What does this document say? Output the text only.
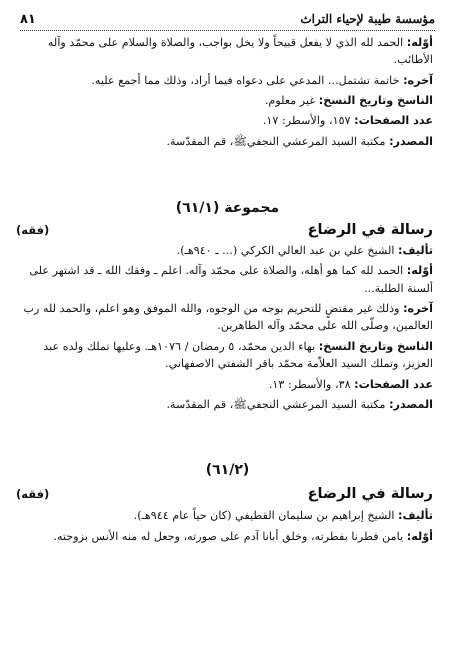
مؤسسة طيبة لإحياء التراث
٨١

أوّله: الحمد لله الذي لا يفعل قبيحاً ولا يخل بواجب، والصلاة والسلام على محمّد وآله الأطائب.

آخره: خاتمة تشتمل... المدعي على دعواه فيما أراد، وذلك مما أجمع عليه.

الناسخ وتاريخ النسخ: غير معلوم.

عدد الصفحات: ١٥٧، والأسطر: ١٧.

المصدر: مكتبة السيد المرعشي النجفيﷺ، قم المقدّسة.

مجموعة (٦١/١)
رسالة في الرضاع
(فقه)

تأليف: الشيخ علي بن عبد العالي الكركي (... ـ ٩٤٠هـ).

أوّله: الحمد لله كما هو أهله، والصلاة على محمّد وآله. اعلم ـ وفقك الله ـ قد اشتهر على ألسنة الطلبة...

آخره: وذلك غير مقتضٍ للتحريم بوجه من الوجوه، والله الموفق وهو اعلم، والحمد لله رب العالمين، وصلّى الله على محمّد وآله الطاهرين.

الناسخ وتاريخ النسخ: بهاء الدين محمّد، ٥ رمضان / ١٠٧٦هـ. وعليها تملك ولده عبد العزيز، وتملك السيد العلاّمة محمّد باقر الشفتي الاصفهاني.

عدد الصفحات: ٣٨، والأسطر: ١٣.

المصدر: مكتبة السيد المرعشي النجفيﷺ، قم المقدّسة.

(٦١/٢)
رسالة في الرضاع
(فقه)

تأليف: الشيخ إبراهيم بن سليمان القطيفي (كان حياً عام ٩٤٤هـ).

أوّله: يامن فطرنا بفطرته، وخلق أبانا آدم على صورته، وجعل له منه الأنس بزوجته.
